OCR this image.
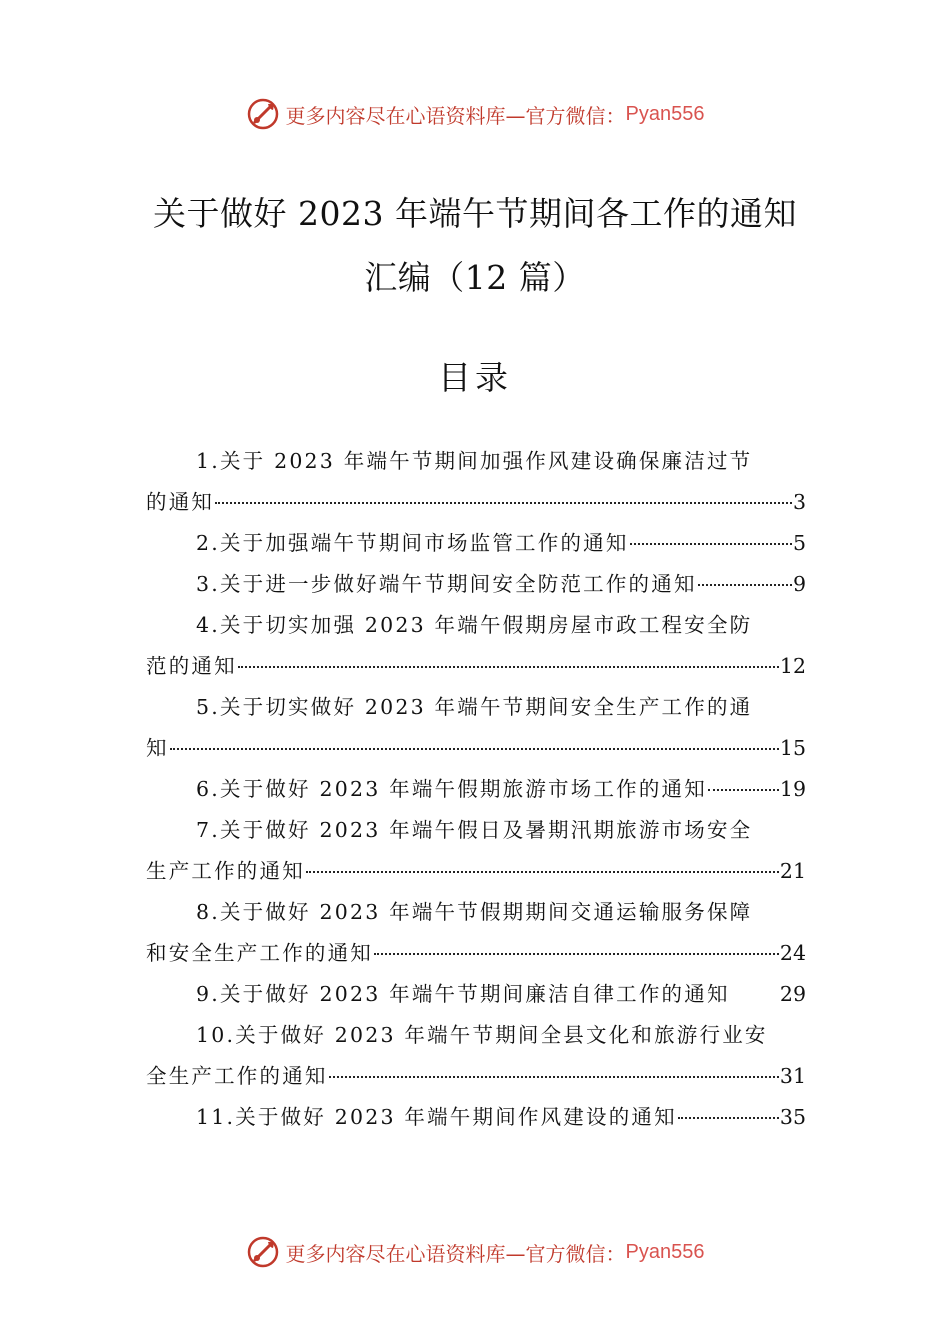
更多内容尽在心语资料库—官方微信： Pyan556
关于做好 2023 年端午节期间各工作的通知
汇编（12 篇）
目录
1.关于 2023 年端午节期间加强作风建设确保廉洁过节
的通知	3
2.关于加强端午节期间市场监管工作的通知	5
3.关于进一步做好端午节期间安全防范工作的通知	9
4.关于切实加强 2023 年端午假期房屋市政工程安全防
范的通知	12
5.关于切实做好 2023 年端午节期间安全生产工作的通
知	15
6.关于做好 2023 年端午假期旅游市场工作的通知	19
7.关于做好 2023 年端午假日及暑期汛期旅游市场安全
生产工作的通知	21
8.关于做好 2023 年端午节假期期间交通运输服务保障
和安全生产工作的通知	24
9.关于做好 2023 年端午节期间廉洁自律工作的通知 29
10.关于做好 2023 年端午节期间全县文化和旅游行业安
全生产工作的通知	31
11.关于做好 2023 年端午期间作风建设的通知	35
更多内容尽在心语资料库—官方微信： Pyan556
